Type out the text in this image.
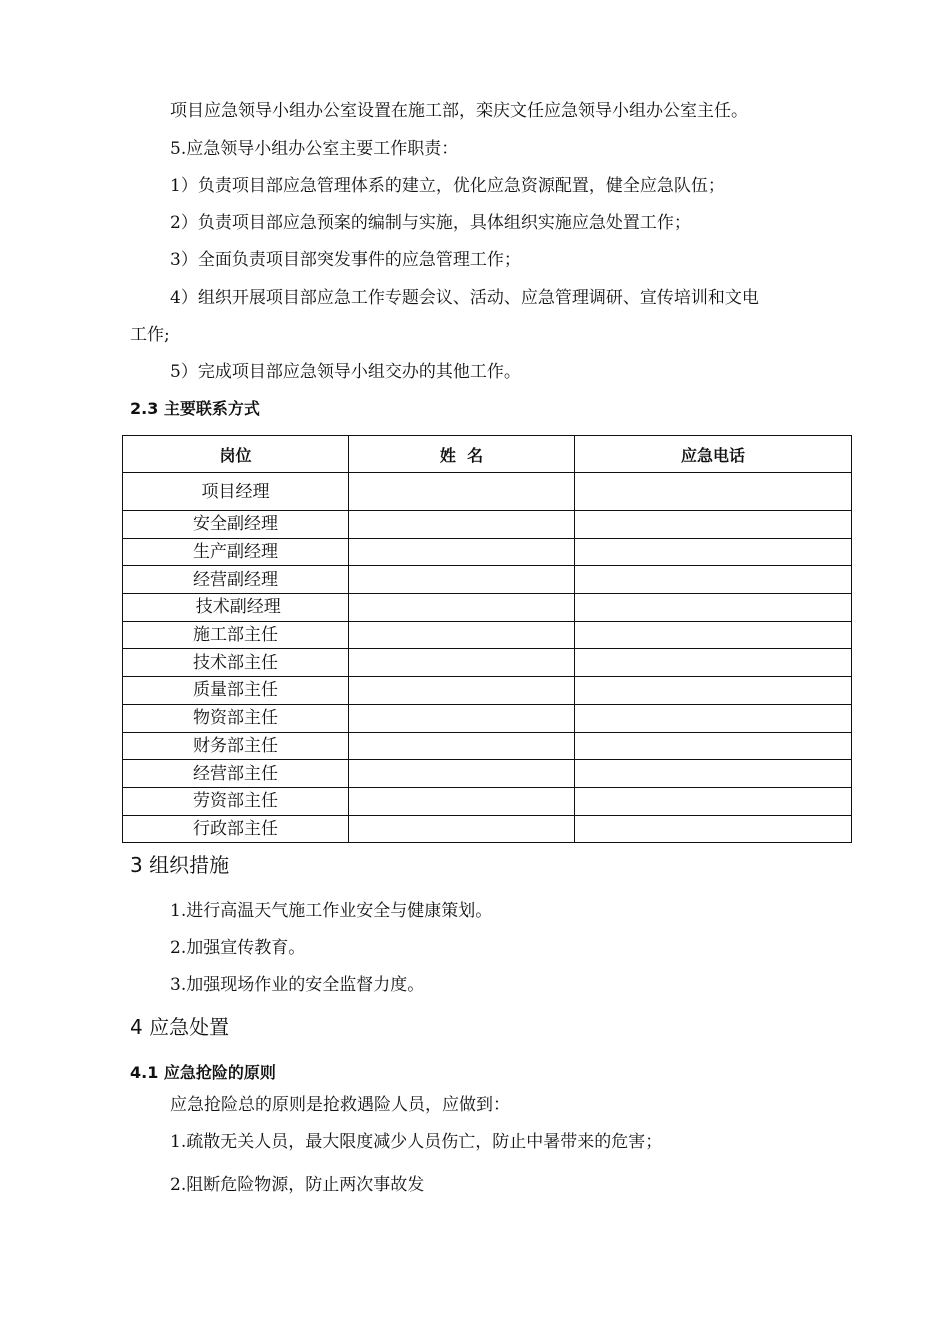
项目应急领导小组办公室设置在施工部，栾庆文任应急领导小组办公室主任。
5.应急领导小组办公室主要工作职责：
1）负责项目部应急管理体系的建立，优化应急资源配置，健全应急队伍；
2）负责项目部应急预案的编制与实施，具体组织实施应急处置工作；
3）全面负责项目部突发事件的应急管理工作；
4）组织开展项目部应急工作专题会议、活动、应急管理调研、宣传培训和文电
工作;
5）完成项目部应急领导小组交办的其他工作。
2.3 主要联系方式
岗位	姓  名	应急电话
项目经理		
安全副经理		
生产副经理		
经营副经理		
技术副经理		
施工部主任		
技术部主任		
质量部主任		
物资部主任		
财务部主任		
经营部主任		
劳资部主任		
行政部主任		
3 组织措施
1.进行高温天气施工作业安全与健康策划。
2.加强宣传教育。
3.加强现场作业的安全监督力度。
4 应急处置
4.1 应急抢险的原则
应急抢险总的原则是抢救遇险人员，应做到：
1.疏散无关人员，最大限度减少人员伤亡，防止中暑带来的危害；
2.阻断危险物源，防止两次事故发
